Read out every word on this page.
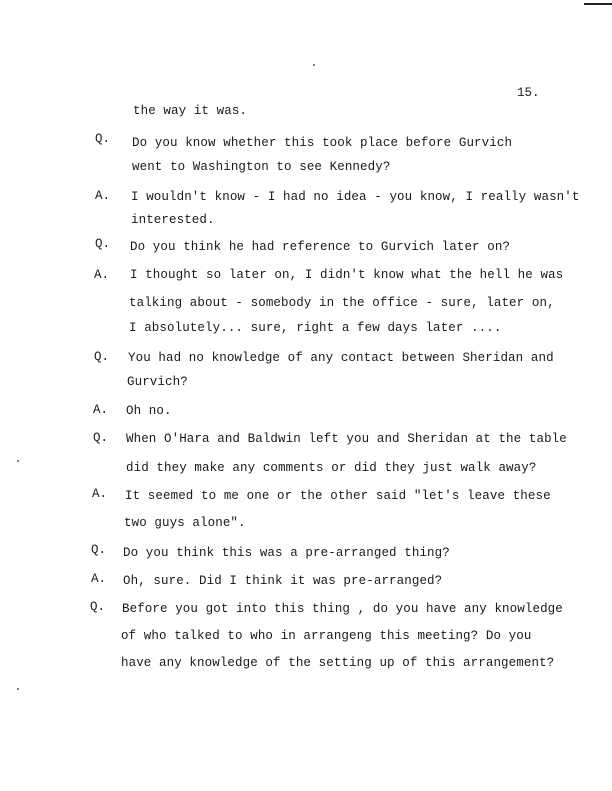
15.
the way it was.
Q. Do you know whether this took place before Gurvich
went to Washington to see Kennedy?
A. I wouldn't know - I had no idea - you know, I really wasn't
interested.
Q. Do you think he had reference to Gurvich later on?
A. I thought so later on, I didn't know what the hell he was
talking about - somebody in the office - sure, later on,
I absolutely... sure, right a few days later ....
Q. You had no knowledge of any contact between Sheridan and
Gurvich?
A. Oh no.
Q. When O'Hara and Baldwin left you and Sheridan at the table
did they make any comments or did they just walk away?
A. It seemed to me one or the other said "let's leave these
two guys alone".
Q. Do you think this was a pre-arranged thing?
A. Oh, sure. Did I think it was pre-arranged?
Q. Before you got into this thing , do you have any knowledge
of who talked to who in arrangeng this meeting? Do you
have any knowledge of the setting up of this arrangement?
